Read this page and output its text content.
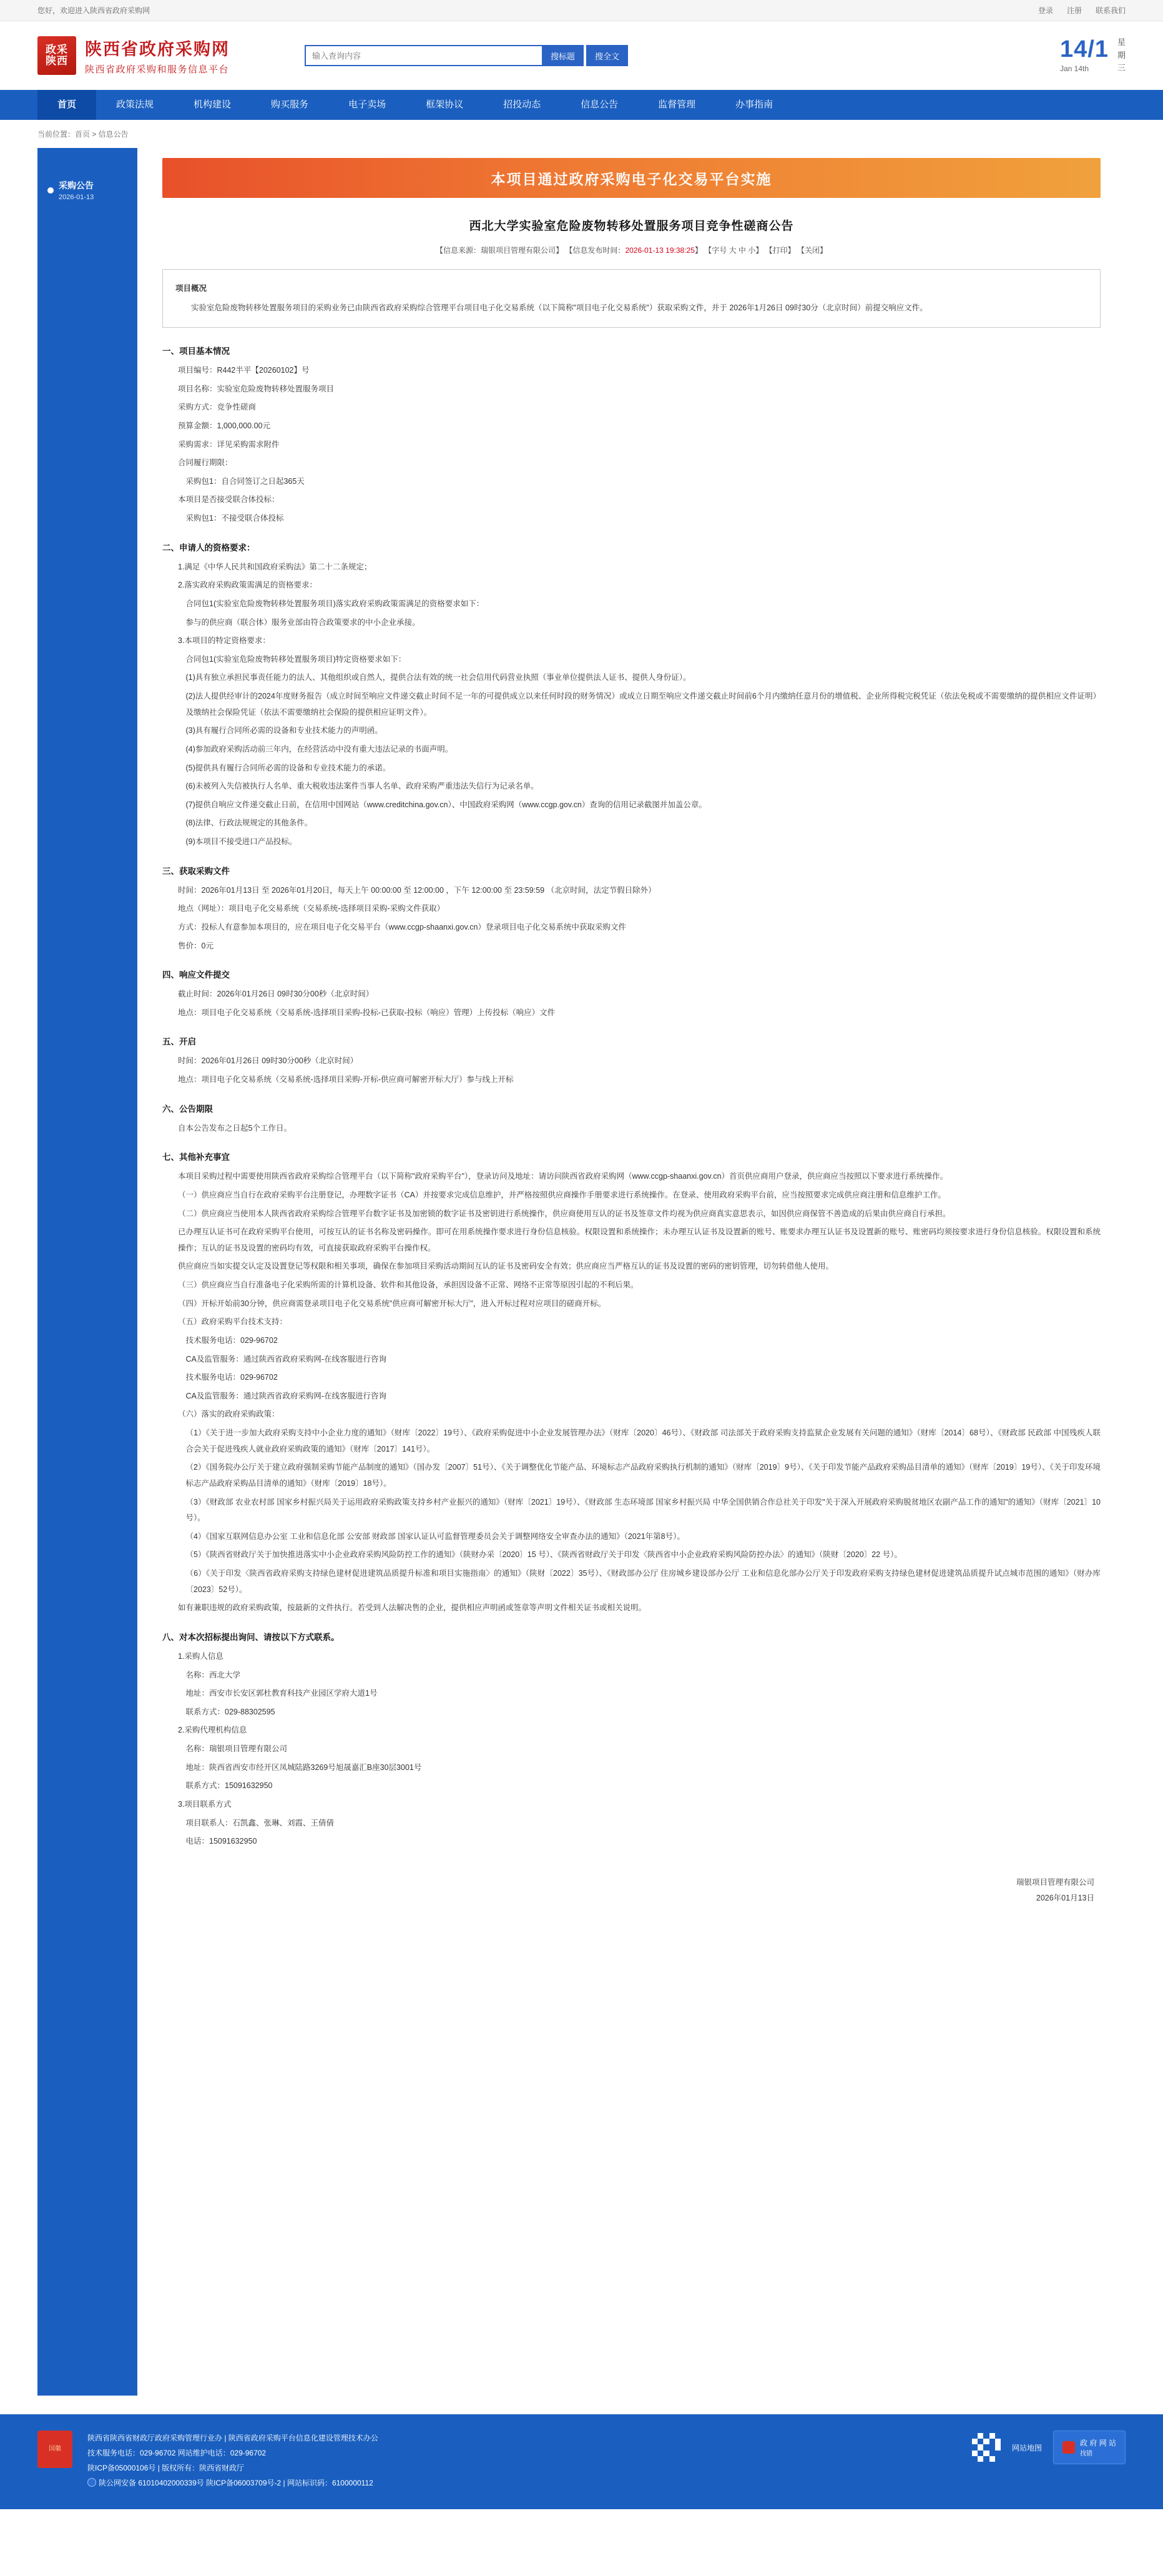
您好，欢迎进入陕西省政府采购网	登录 注册 联系我们
政采
陕西
陕西省政府采购网
陕西省政府采购和服务信息平台
输入查询内容
搜标题	搜全文	14/1
Jan 14th
星
期
三
首页	政策法规	机构建设	购买服务	电子卖场	框架协议	招投动态	信息公告	监督管理	办事指南
当前位置：首页 > 信息公告
采购公告
2026-01-13
本项目通过政府采购电子化交易平台实施
西北大学实验室危险废物转移处置服务项目竞争性磋商公告
【信息来源：瑞银项目管理有限公司】 【信息发布时间：2026-01-13 19:38:25】 【字号 大 中 小】 【打印】 【关闭】
项目概况

实验室危险废物转移处置服务项目的采购业务已由陕西省政府采购综合管理平台项目电子化交易系统（以下简称"项目电子化交易系统"）获取采购文件，并于 2026年1月26日 09时30分（北京时间）前提交响应文件。

一、项目基本情况
项目编号：R442半平【20260102】号
项目名称：实验室危险废物转移处置服务项目
采购方式：竞争性磋商
预算金额：1,000,000.00元
采购需求：详见采购需求附件
合同履行期限：
采购包1：自合同签订之日起365天
本项目是否接受联合体投标：
采购包1：不接受联合体投标
二、申请人的资格要求：
1.满足《中华人民共和国政府采购法》第二十二条规定；
2.落实政府采购政策需满足的资格要求：
合同包1(实验室危险废物转移处置服务项目)落实政府采购政策需满足的资格要求如下：
参与的供应商（联合体）服务业部由符合政策要求的中小企业承接。
3.本项目的特定资格要求：
合同包1(实验室危险废物转移处置服务项目)特定资格要求如下：
(1)具有独立承担民事责任能力的法人、其他组织或自然人，提供合法有效的统一社会信用代码营业执照（事业单位提供法人证书、提供人身份证）。
(2)法人提供经审计的2024年度财务报告（成立时间至响应文件递交截止时间不足一年的可提供成立以来任何时段的财务情况）或成立日期至响应文件递交截止时间前6个月内缴纳任意月份的增值税、企业所得税完税凭证（依法免税或不需要缴纳的提供相应文件证明）及缴纳社会保险凭证（依法不需要缴纳社会保险的提供相应证明文件）。
(3)具有履行合同所必需的设备和专业技术能力的声明函。
(4)参加政府采购活动前三年内，在经营活动中没有重大违法记录的书面声明。
(5)提供具有履行合同所必需的设备和专业技术能力的承诺。
(6)未被列入失信被执行人名单、重大税收违法案件当事人名单、政府采购严重违法失信行为记录名单。
(7)提供自响应文件递交截止日前，在信用中国网站（www.creditchina.gov.cn）、中国政府采购网（www.ccgp.gov.cn）查询的信用记录截图并加盖公章。
(8)法律、行政法规规定的其他条件。
(9)本项目不接受进口产品投标。
三、获取采购文件
时间：2026年01月13日 至 2026年01月20日，每天上午 00:00:00 至 12:00:00 ，下午 12:00:00 至 23:59:59 （北京时间，法定节假日除外）
地点（网址）：项目电子化交易系统（交易系统-选择项目采购-采购文件获取）
方式：投标人有意参加本项目的，应在项目电子化交易平台（www.ccgp-shaanxi.gov.cn）登录项目电子化交易系统中获取采购文件
售价：0元
四、响应文件提交
截止时间：2026年01月26日 09时30分00秒（北京时间）
地点：项目电子化交易系统（交易系统-选择项目采购-投标-已获取-投标（响应）管理）上传投标（响应）文件
五、开启
时间：2026年01月26日 09时30分00秒（北京时间）
地点：项目电子化交易系统（交易系统-选择项目采购-开标-供应商可解密开标大厅）参与线上开标
六、公告期限
自本公告发布之日起5个工作日。
七、其他补充事宜
本项目采购过程中需要使用陕西省政府采购综合管理平台（以下简称"政府采购平台"），登录访问及地址：请访问陕西省政府采购网（www.ccgp-shaanxi.gov.cn）首页供应商用户登录，供应商应当按照以下要求进行系统操作。
（一）供应商应当自行在政府采购平台注册登记，办理数字证书（CA）并按要求完成信息维护，并严格按照供应商操作手册要求进行系统操作。在登录、使用政府采购平台前，应当按照要求完成供应商注册和信息维护工作。
（二）供应商应当使用本人陕西省政府采购综合管理平台数字证书及加密锁的数字证书及密钥进行系统操作，供应商使用互认的证书及签章文件均视为供应商真实意思表示，如因供应商保管不善造成的后果由供应商自行承担。
已办理互认证书可在政府采购平台使用，可按互认的证书名称及密码操作。即可在用系统操作要求进行身份信息核验。权限设置和系统操作；未办理互认证书及设置新的账号、账要求办理互认证书及设置新的账号、账密码均须按要求进行身份信息核验。权限设置和系统操作；互认的证书及设置的密码均有效，可直接获取政府采购平台操作权。
供应商应当如实提交认定及设置登记等权限和相关事项，确保在参加项目采购活动期间互认的证书及密码安全有效；供应商应当严格互认的证书及设置的密码的密钥管理，切勿转借他人使用。
（三）供应商应当自行准备电子化采购所需的计算机设备、软件和其他设备，承担因设备不正常、网络不正常等原因引起的不利后果。
（四）开标开始前30分钟，供应商需登录项目电子化交易系统"供应商可解密开标大厅"，进入开标过程对应项目的磋商开标。
（五）政府采购平台技术支持：
技术服务电话：029-96702
CA及监管服务：通过陕西省政府采购网-在线客服进行咨询
技术服务电话：029-96702
CA及监管服务：通过陕西省政府采购网-在线客服进行咨询
（六）落实的政府采购政策：
（1）《关于进一步加大政府采购支持中小企业力度的通知》（财库〔2022〕19号）、《政府采购促进中小企业发展管理办法》（财库〔2020〕46号）、《财政部 司法部关于政府采购支持监狱企业发展有关问题的通知》（财库〔2014〕68号）、《财政部 民政部 中国残疾人联合会关于促进残疾人就业政府采购政策的通知》（财库〔2017〕141号）。
（2）《国务院办公厅关于建立政府强制采购节能产品制度的通知》（国办发〔2007〕51号）、《关于调整优化节能产品、环境标志产品政府采购执行机制的通知》（财库〔2019〕9号）、《关于印发节能产品政府采购品目清单的通知》（财库〔2019〕19号）、《关于印发环境标志产品政府采购品目清单的通知》（财库〔2019〕18号）。
（3）《财政部 农业农村部 国家乡村振兴局关于运用政府采购政策支持乡村产业振兴的通知》（财库〔2021〕19号）、《财政部 生态环境部 国家乡村振兴局 中华全国供销合作总社关于印发"关于深入开展政府采购脱贫地区农副产品工作的通知"的通知》（财库〔2021〕10号）。
（4）《国家互联网信息办公室 工业和信息化部 公安部 财政部 国家认证认可监督管理委员会关于调整网络安全审查办法的通知》（2021年第8号）。
（5）《陕西省财政厅关于加快推进落实中小企业政府采购风险防控工作的通知》（陕财办采〔2020〕15 号）、《陕西省财政厅关于印发〈陕西省中小企业政府采购风险防控办法〉的通知》（陕财〔2020〕22 号）。
（6）《关于印发〈陕西省政府采购支持绿色建材促进建筑品质提升标准和项目实施指南〉的通知》（陕财〔2022〕35号）、《财政部办公厅 住房城乡建设部办公厅 工业和信息化部办公厅关于印发政府采购支持绿色建材促进建筑品质提升试点城市范围的通知》（财办库〔2023〕52号）。
如有兼职违规的政府采购政策，按最新的文件执行。若受到人法解决售的企业，提供相应声明函或签章等声明文件相关证书或相关说明。
八、对本次招标提出询问、请按以下方式联系。
1.采购人信息
名称：西北大学
地址：西安市长安区郭杜教育科技产业园区学府大道1号
联系方式：029-88302595
2.采购代理机构信息
名称：瑞银项目管理有限公司
地址：陕西省西安市经开区凤城陆路3269号旭晟嘉汇B座30层3001号
联系方式：15091632950
3.项目联系方式
项目联系人：石凯鑫、张琳、刘霞、王倩倩
电话：15091632950
瑞银项目管理有限公司
2026年01月13日
国徽
陕西省陕西省财政厅政府采购管理行业办 | 陕西省政府采购平台信息化建设管理技术办公
技术服务电话：029-96702 网站维护电话：029-96702
陕ICP备05000106号 | 版权所有：陕西省财政厅
陕公网安备 61010402000339号 陕ICP备06003709号-2 | 网站标识码：6100000112
网站地图
政 府 网 站
找错
